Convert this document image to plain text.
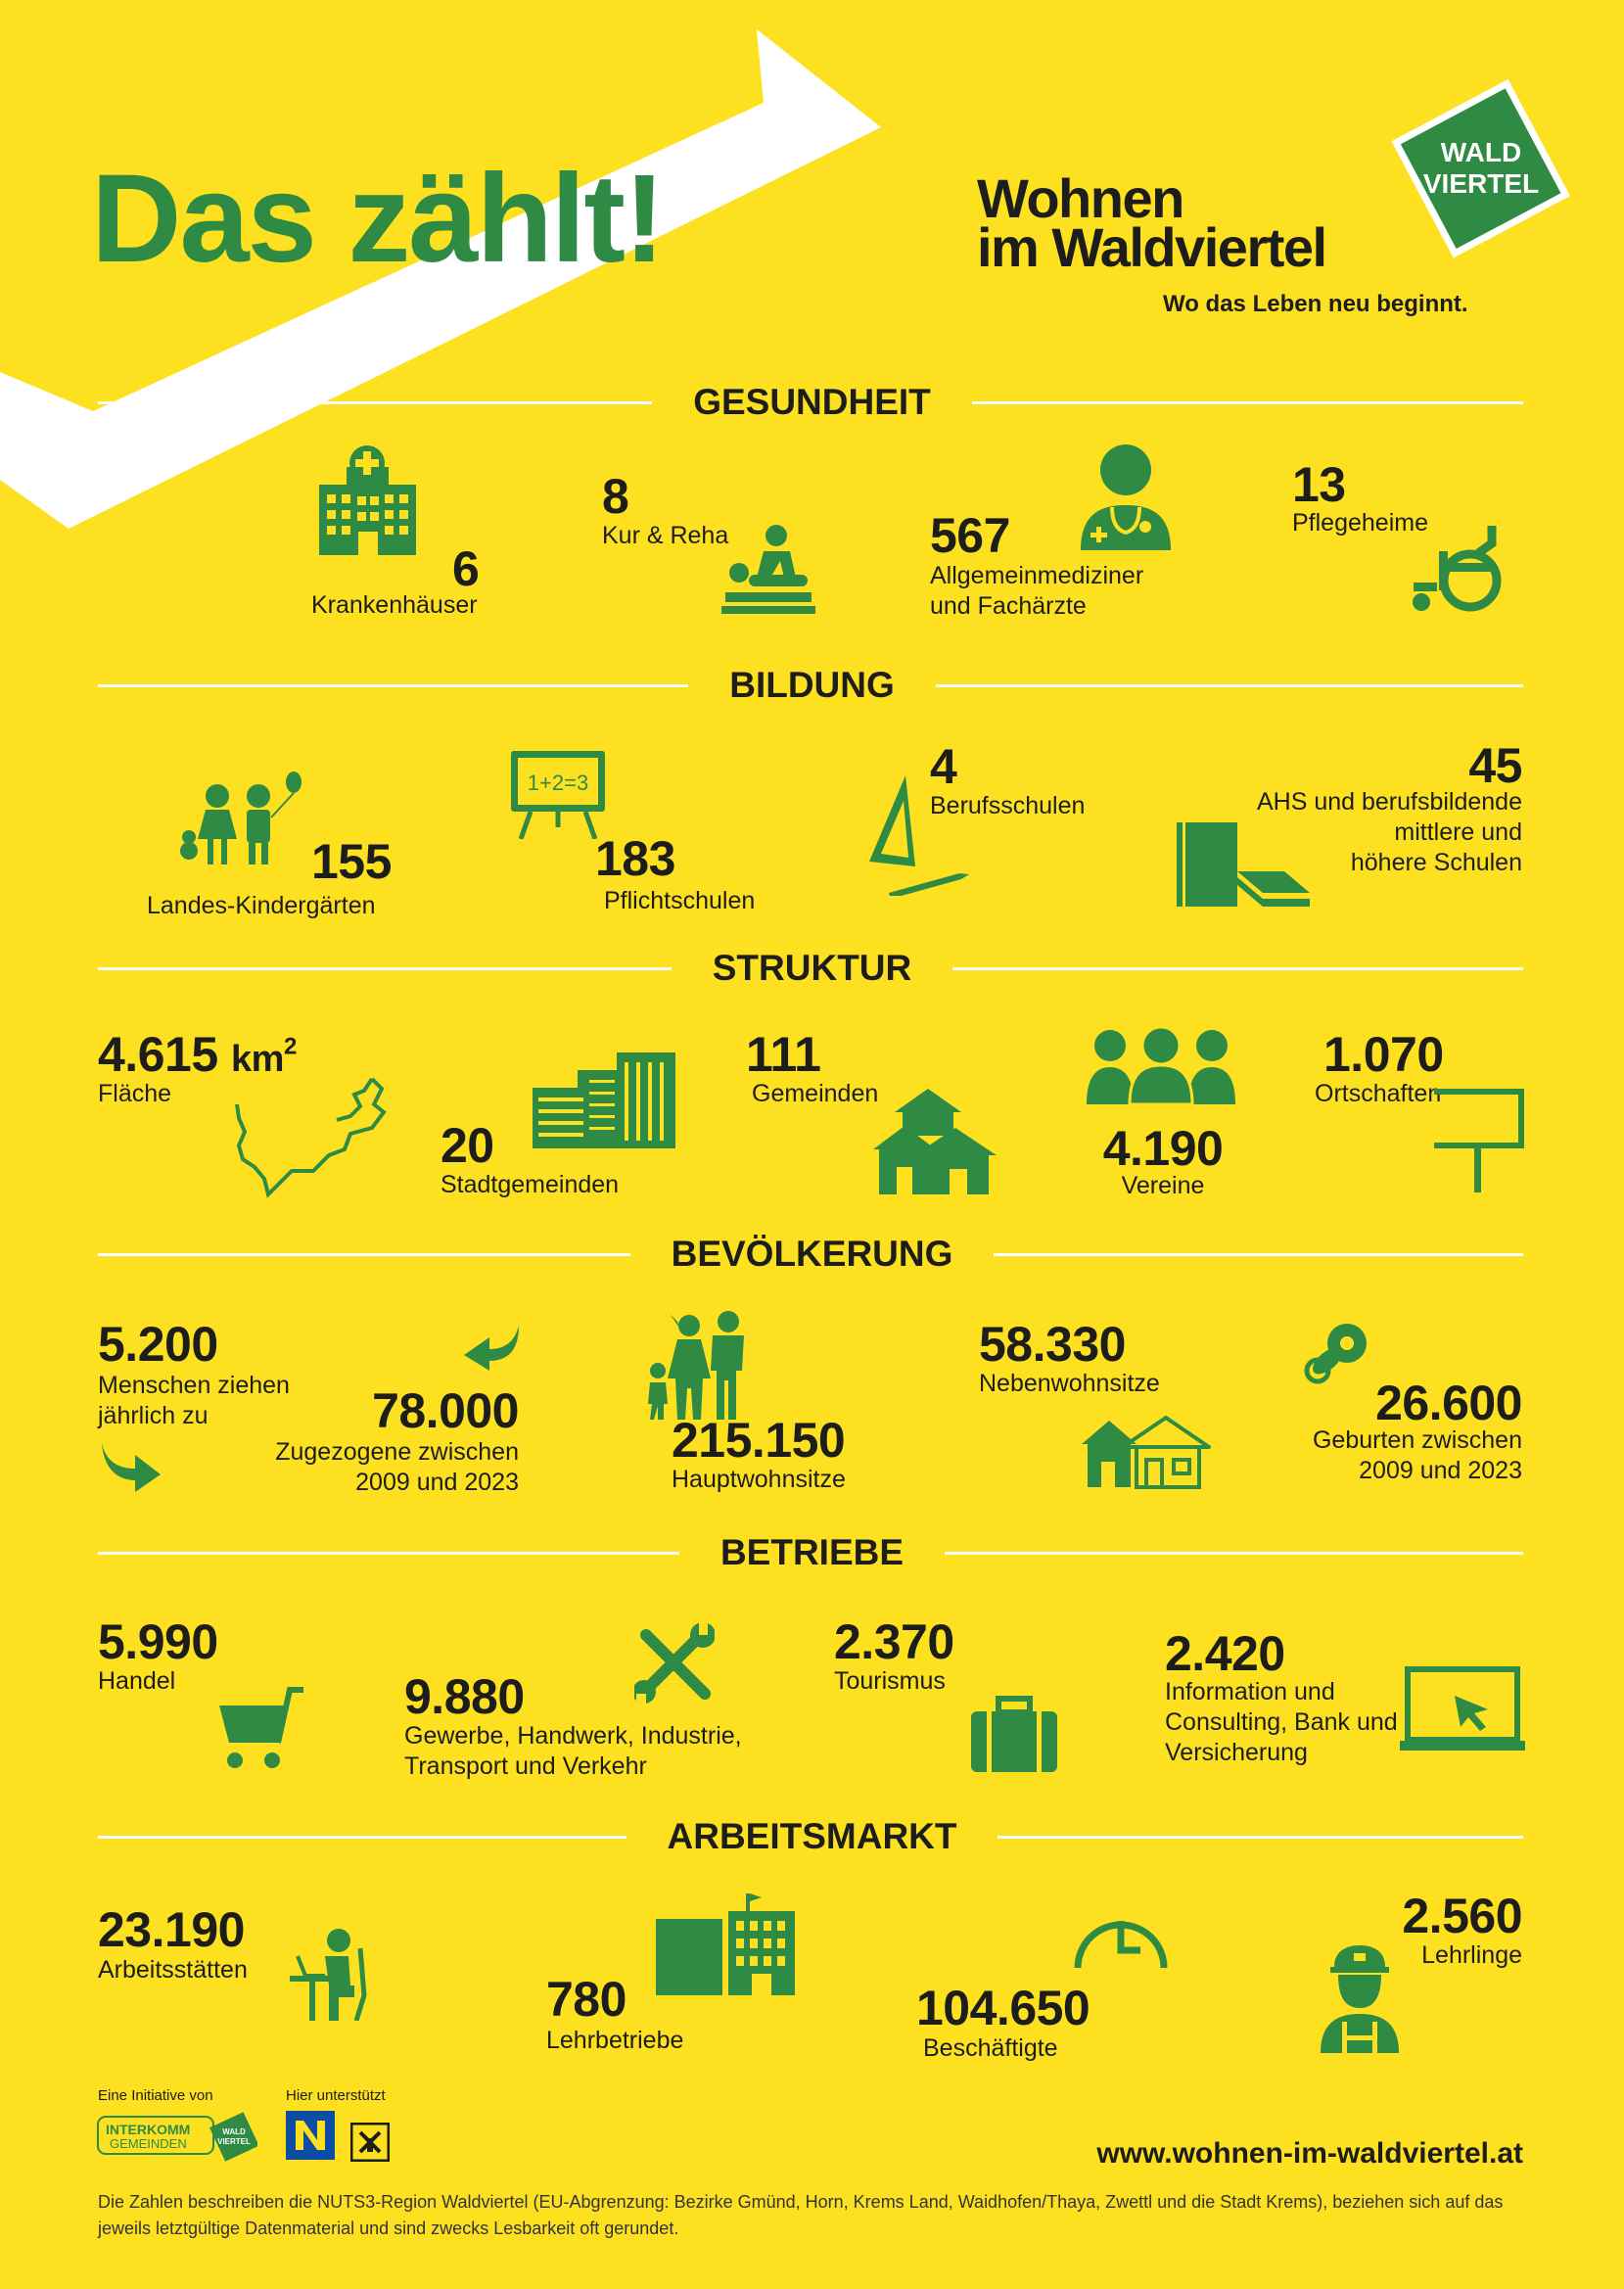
Das zählt!	Wohnen
im Waldviertel
WALD
VIERTEL
Wo das Leben neu beginnt.
GESUNDHEIT
BILDUNG
STRUKTUR
BEVÖLKERUNG
BETRIEBE
ARBEITSMARKT
6
Krankenhäuser
8
Kur & Reha	567
Allgemeinmediziner
und Fachärzte
13
Pflegeheime
155
Landes-Kindergärten
1+2=3
183
Pflichtschulen
4
Berufsschulen
45
AHS und berufsbildende
mittlere und
höhere Schulen
4.615 $km^2$
Fläche
20
Stadtgemeinden
111
Gemeinden
4.190
Vereine
1.070
Ortschaften
5.200
Menschen ziehen
jährlich zu	78.000
Zugezogene zwischen
2009 und 2023
215.150
Hauptwohnsitze
58.330
Nebenwohnsitze	26.600
Geburten zwischen
2009 und 2023
5.990
Handel	9.880
Gewerbe, Handwerk, Industrie,
Transport und Verkehr
2.370
Tourismus	2.420
Information und
Consulting, Bank und
Versicherung
23.190
Arbeitsstätten
780
Lehrbetriebe
104.650
Beschäftigte
2.560
Lehrlinge
Eine Initiative von	Hier unterstützt
INTERKOMM
GEMEINDEN
WALD
VIERTEL	www.wohnen-im-waldviertel.at
Die Zahlen beschreiben die NUTS3-Region Waldviertel (EU-Abgrenzung: Bezirke Gmünd, Horn, Krems Land, Waidhofen/Thaya, Zwettl und die Stadt Krems), beziehen sich auf das jeweils letztgültige Datenmaterial und sind zwecks Lesbarkeit oft gerundet.
